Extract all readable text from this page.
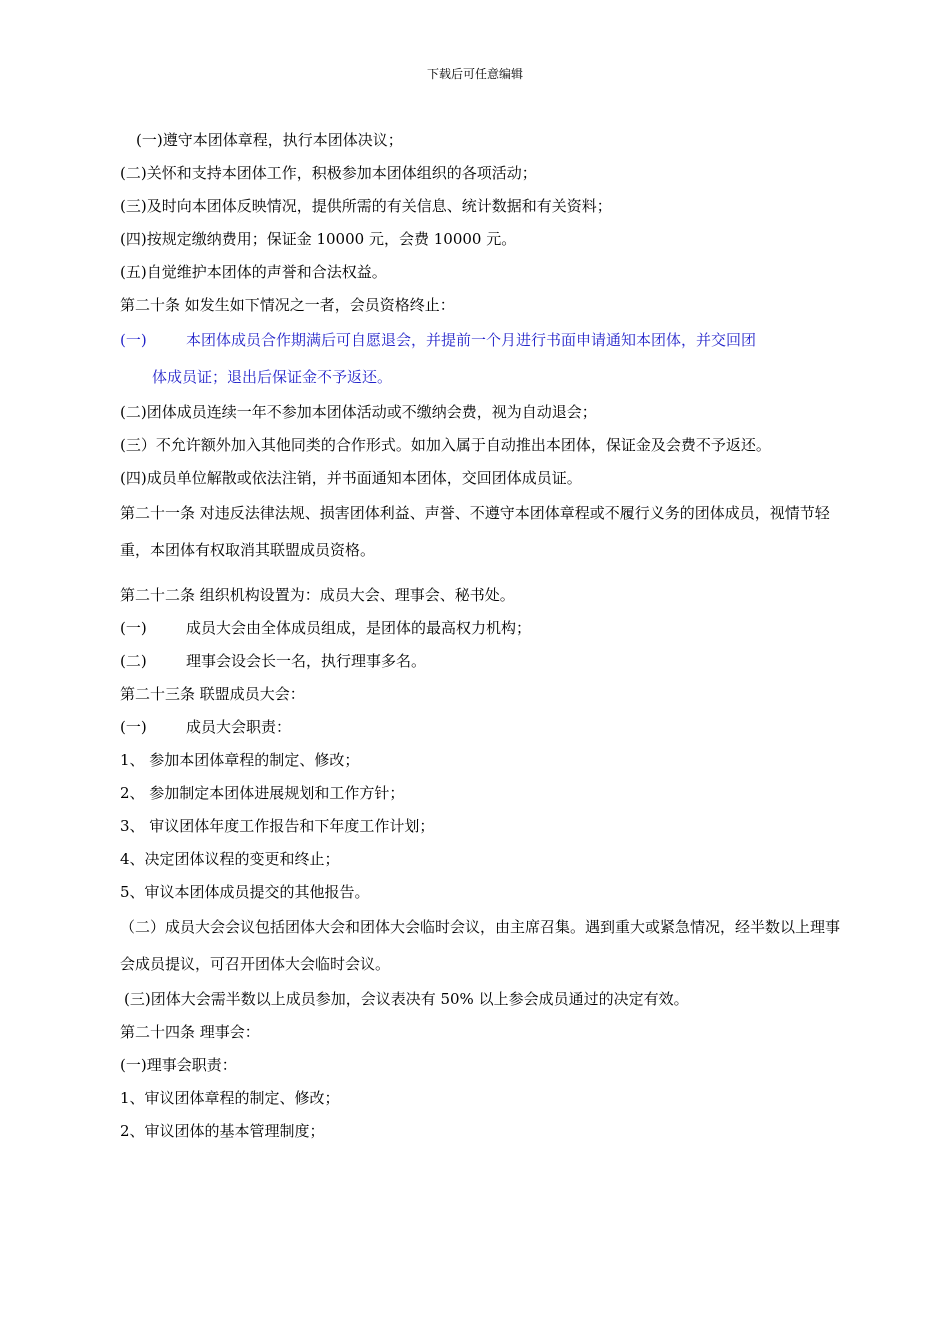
下载后可任意编辑
(一)遵守本团体章程，执行本团体决议；
(二)关怀和支持本团体工作，积极参加本团体组织的各项活动；
(三)及时向本团体反映情况，提供所需的有关信息、统计数据和有关资料；
(四)按规定缴纳费用；保证金 10000 元，会费 10000 元。
(五)自觉维护本团体的声誉和合法权益。
第二十条 如发生如下情况之一者，会员资格终止：
(一)	本团体成员合作期满后可自愿退会，并提前一个月进行书面申请通知本团体，并交回团
体成员证；退出后保证金不予返还。
(二)团体成员连续一年不参加本团体活动或不缴纳会费，视为自动退会；
(三）不允许额外加入其他同类的合作形式。如加入属于自动推出本团体，保证金及会费不予返还。
(四)成员单位解散或依法注销，并书面通知本团体，交回团体成员证。
第二十一条 对违反法律法规、损害团体利益、声誉、不遵守本团体章程或不履行义务的团体成员，视情节轻重，本团体有权取消其联盟成员资格。
第二十二条 组织机构设置为：成员大会、理事会、秘书处。
(一)	成员大会由全体成员组成，是团体的最高权力机构；
(二)	理事会设会长一名，执行理事多名。
第二十三条 联盟成员大会：
(一)	成员大会职责：
1、 参加本团体章程的制定、修改；
2、 参加制定本团体进展规划和工作方针；
3、 审议团体年度工作报告和下年度工作计划；
4、决定团体议程的变更和终止；
5、审议本团体成员提交的其他报告。
（二）成员大会会议包括团体大会和团体大会临时会议，由主席召集。遇到重大或紧急情况，经半数以上理事会成员提议，可召开团体大会临时会议。
(三)团体大会需半数以上成员参加，会议表决有 50% 以上参会成员通过的决定有效。
第二十四条 理事会：
(一)理事会职责：
1、审议团体章程的制定、修改；
2、审议团体的基本管理制度；
